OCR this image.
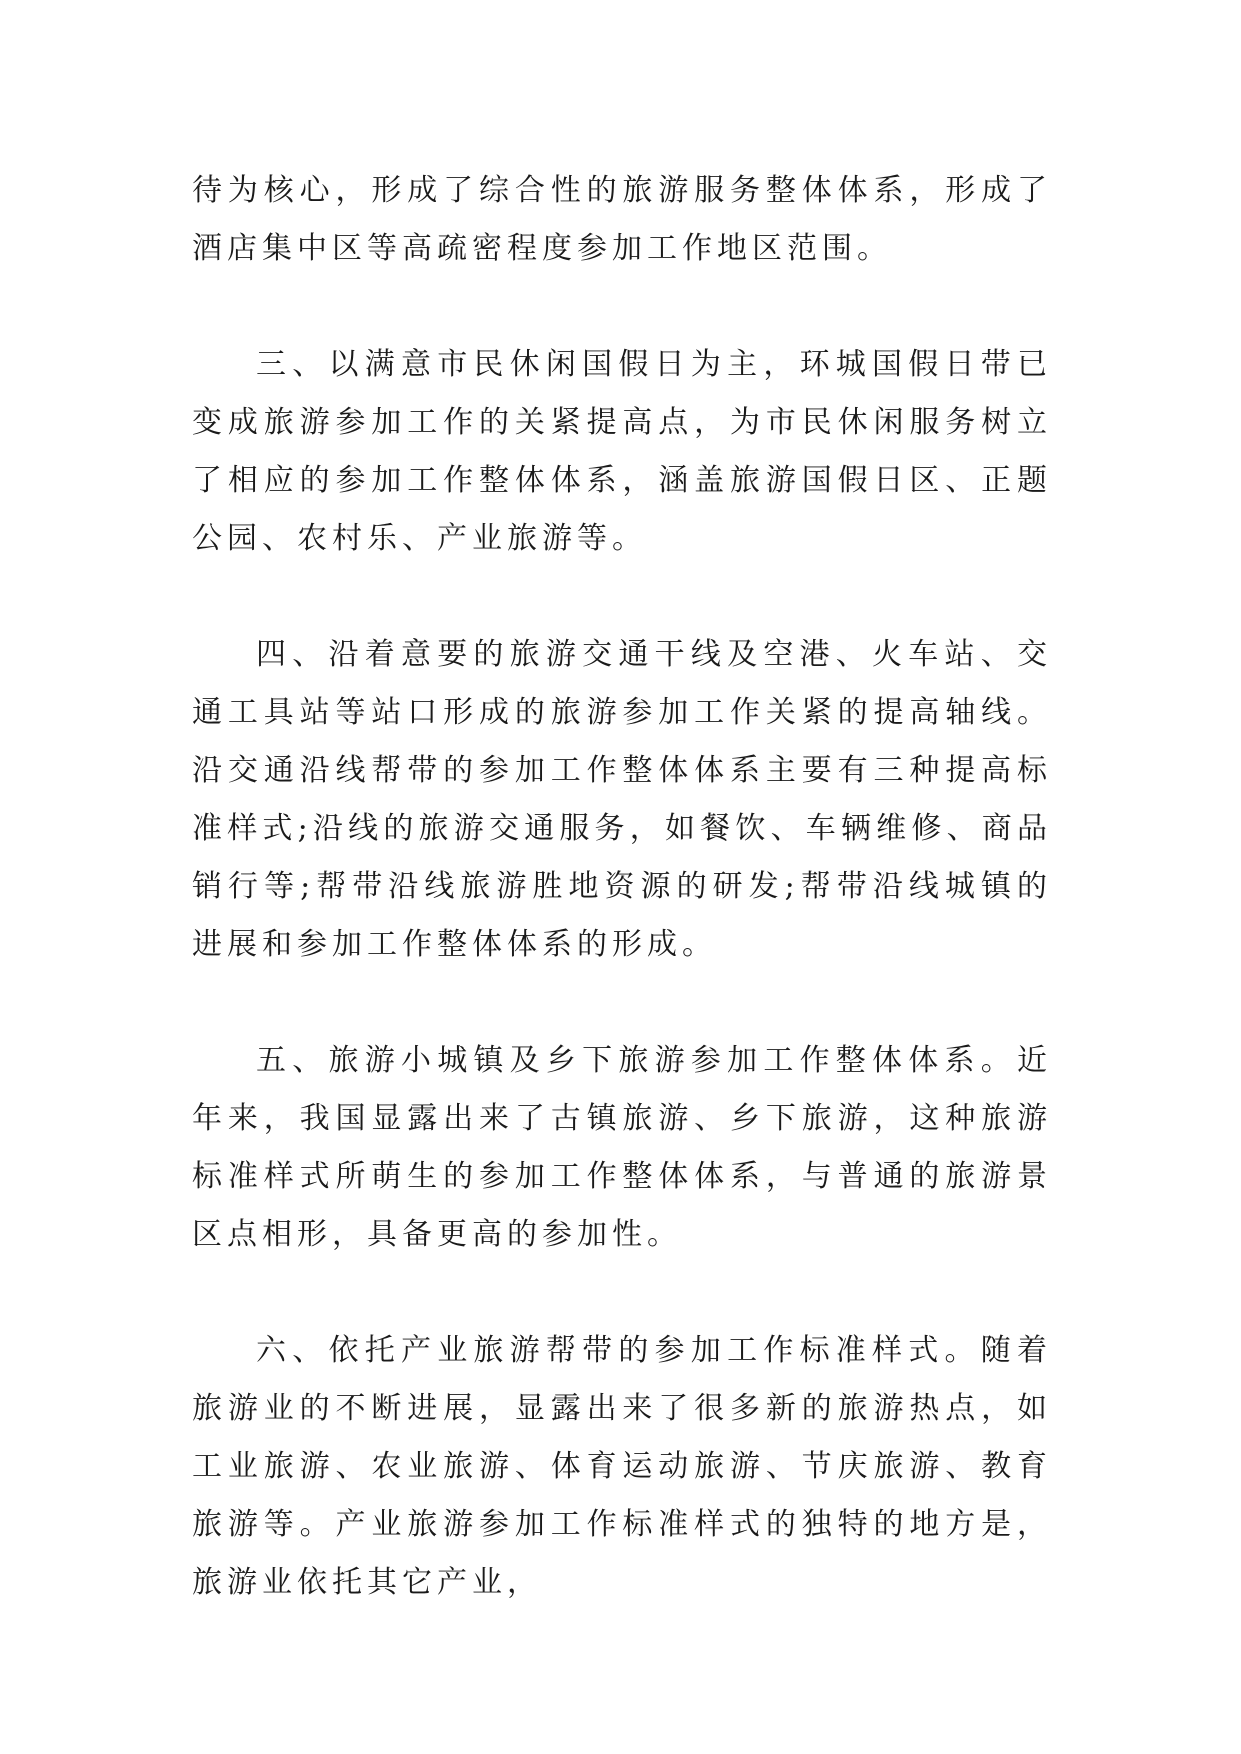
待为核心，形成了综合性的旅游服务整体体系，形成了酒店集中区等高疏密程度参加工作地区范围。

三、以满意市民休闲国假日为主，环城国假日带已变成旅游参加工作的关紧提高点，为市民休闲服务树立了相应的参加工作整体体系，涵盖旅游国假日区、正题公园、农村乐、产业旅游等。

四、沿着意要的旅游交通干线及空港、火车站、交通工具站等站口形成的旅游参加工作关紧的提高轴线。沿交通沿线帮带的参加工作整体体系主要有三种提高标准样式;沿线的旅游交通服务，如餐饮、车辆维修、商品销行等;帮带沿线旅游胜地资源的研发;帮带沿线城镇的进展和参加工作整体体系的形成。

五、旅游小城镇及乡下旅游参加工作整体体系。近年来，我国显露出来了古镇旅游、乡下旅游，这种旅游标准样式所萌生的参加工作整体体系，与普通的旅游景区点相形，具备更高的参加性。

六、依托产业旅游帮带的参加工作标准样式。随着旅游业的不断进展，显露出来了很多新的旅游热点，如工业旅游、农业旅游、体育运动旅游、节庆旅游、教育旅游等。产业旅游参加工作标准样式的独特的地方是，旅游业依托其它产业，
